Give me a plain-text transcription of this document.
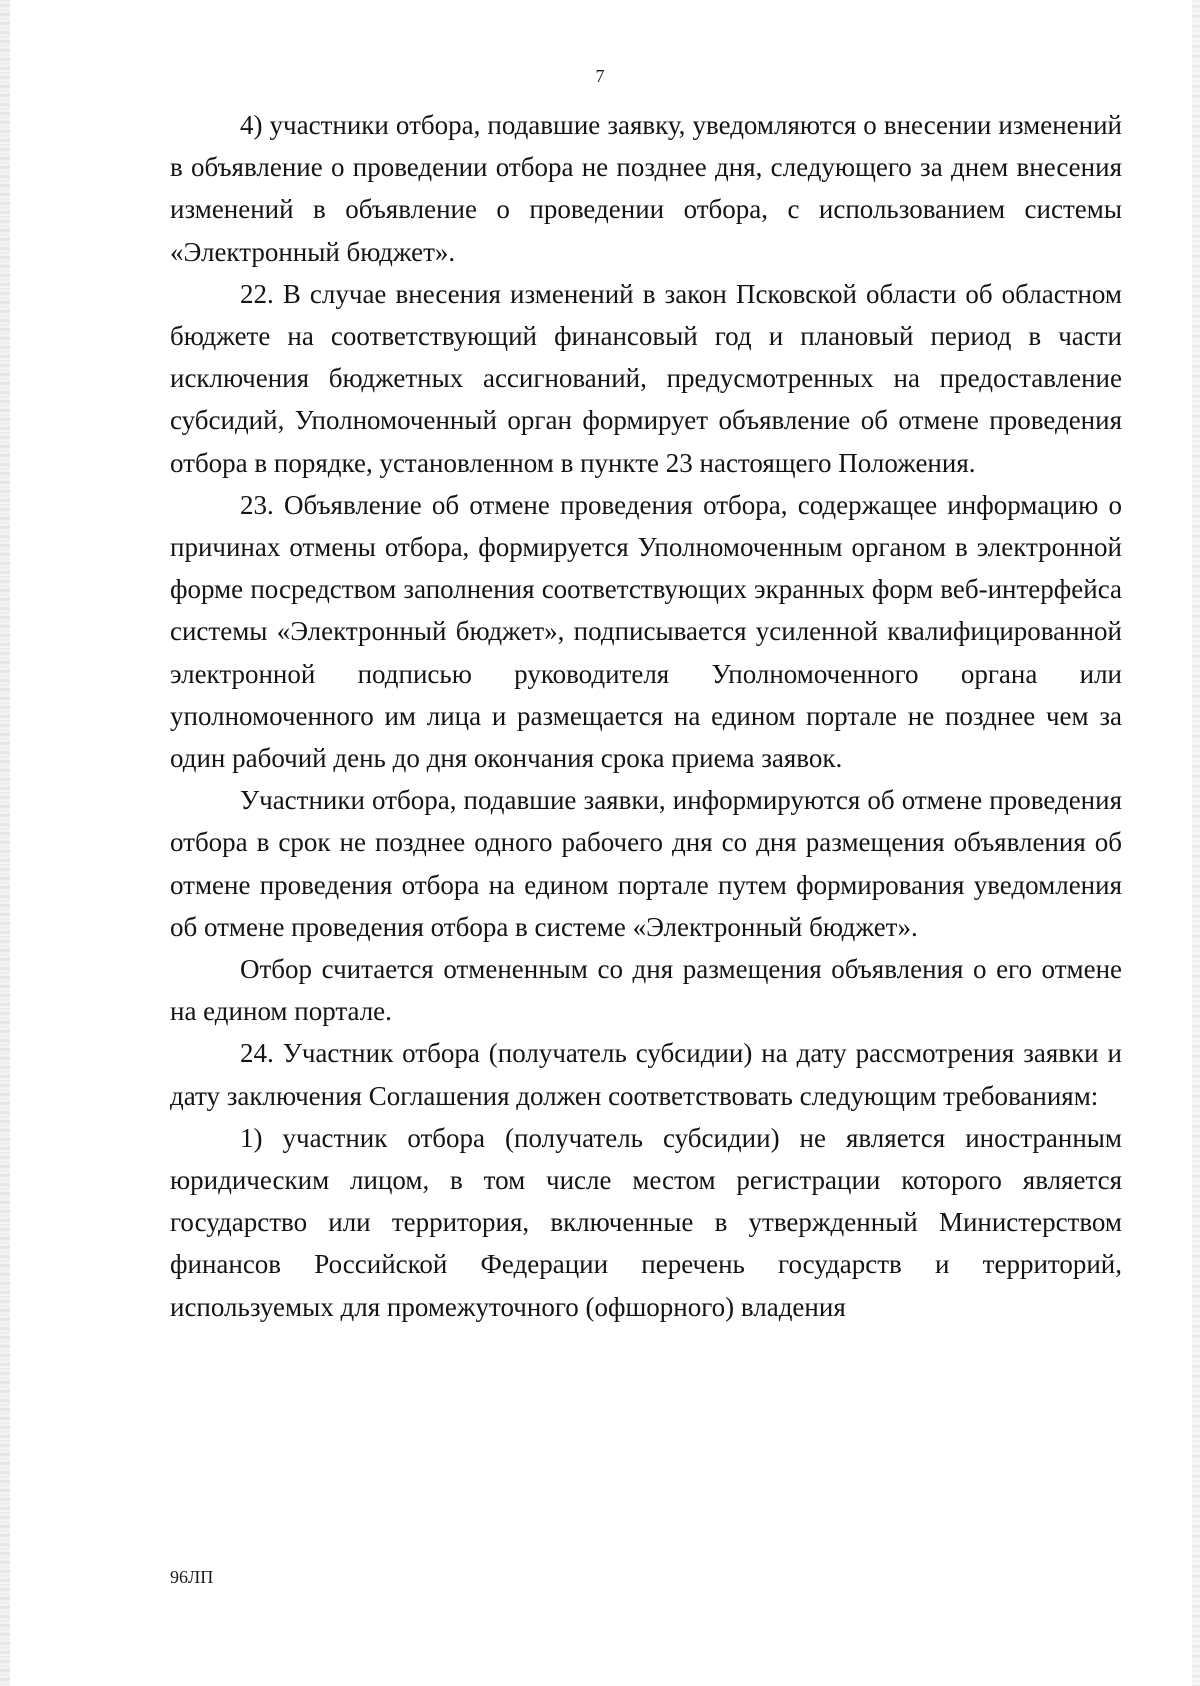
7

4) участники отбора, подавшие заявку, уведомляются о внесении изменений в объявление о проведении отбора не позднее дня, следующего за днем внесения изменений в объявление о проведении отбора, с использованием системы «Электронный бюджет».

22. В случае внесения изменений в закон Псковской области об областном бюджете на соответствующий финансовый год и плановый период в части исключения бюджетных ассигнований, предусмотренных на предоставление субсидий, Уполномоченный орган формирует объявление об отмене проведения отбора в порядке, установленном в пункте 23 настоящего Положения.

23. Объявление об отмене проведения отбора, содержащее информацию о причинах отмены отбора, формируется Уполномоченным органом в электронной форме посредством заполнения соответствующих экранных форм веб-интерфейса системы «Электронный бюджет», подписывается усиленной квалифицированной электронной подписью руководителя Уполномоченного органа или уполномоченного им лица и размещается на едином портале не позднее чем за один рабочий день до дня окончания срока приема заявок.

Участники отбора, подавшие заявки, информируются об отмене проведения отбора в срок не позднее одного рабочего дня со дня размещения объявления об отмене проведения отбора на едином портале путем формирования уведомления об отмене проведения отбора в системе «Электронный бюджет».

Отбор считается отмененным со дня размещения объявления о его отмене на едином портале.

24. Участник отбора (получатель субсидии) на дату рассмотрения заявки и дату заключения Соглашения должен соответствовать следующим требованиям:

1) участник отбора (получатель субсидии) не является иностранным юридическим лицом, в том числе местом регистрации которого является государство или территория, включенные в утвержденный Министерством финансов Российской Федерации перечень государств и территорий, используемых для промежуточного (офшорного) владения

96ЛП
